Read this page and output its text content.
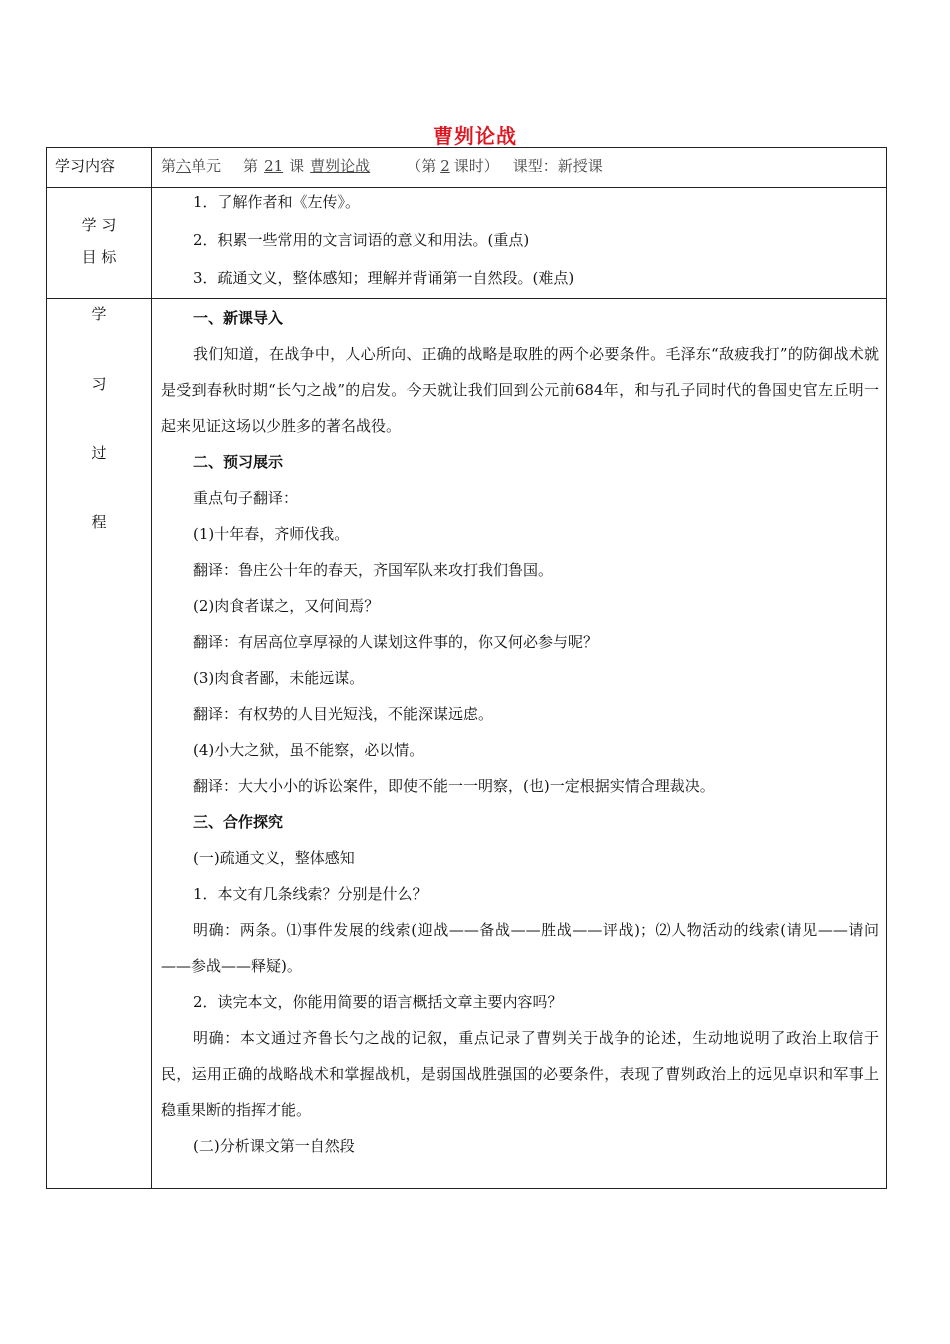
曹刿论战
学习内容	第六单元 第 21 课 曹刿论战 （第 2 课时） 课型：新授课
学 习
目 标
1．了解作者和《左传》。
2．积累一些常用的文言词语的意义和用法。(重点)
3．疏通文义，整体感知；理解并背诵第一自然段。(难点)
学
习
过
程
一、新课导入
我们知道，在战争中，人心所向、正确的战略是取胜的两个必要条件。毛泽东“敌疲我打”的防御战术就是受到春秋时期“长勺之战”的启发。今天就让我们回到公元前684年，和与孔子同时代的鲁国史官左丘明一起来见证这场以少胜多的著名战役。
二、预习展示
重点句子翻译：
(1)十年春，齐师伐我。
翻译：鲁庄公十年的春天，齐国军队来攻打我们鲁国。
(2)肉食者谋之，又何间焉？
翻译：有居高位享厚禄的人谋划这件事的，你又何必参与呢？
(3)肉食者鄙，未能远谋。
翻译：有权势的人目光短浅，不能深谋远虑。
(4)小大之狱，虽不能察，必以情。
翻译：大大小小的诉讼案件，即使不能一一明察，(也)一定根据实情合理裁决。
三、合作探究
(一)疏通文义，整体感知
1．本文有几条线索？分别是什么？
明确：两条。⑴事件发展的线索(迎战——备战——胜战——评战)；⑵人物活动的线索(请见——请问——参战——释疑)。
2．读完本文，你能用简要的语言概括文章主要内容吗？
明确：本文通过齐鲁长勺之战的记叙，重点记录了曹刿关于战争的论述，生动地说明了政治上取信于民，运用正确的战略战术和掌握战机，是弱国战胜强国的必要条件，表现了曹刿政治上的远见卓识和军事上稳重果断的指挥才能。
(二)分析课文第一自然段
